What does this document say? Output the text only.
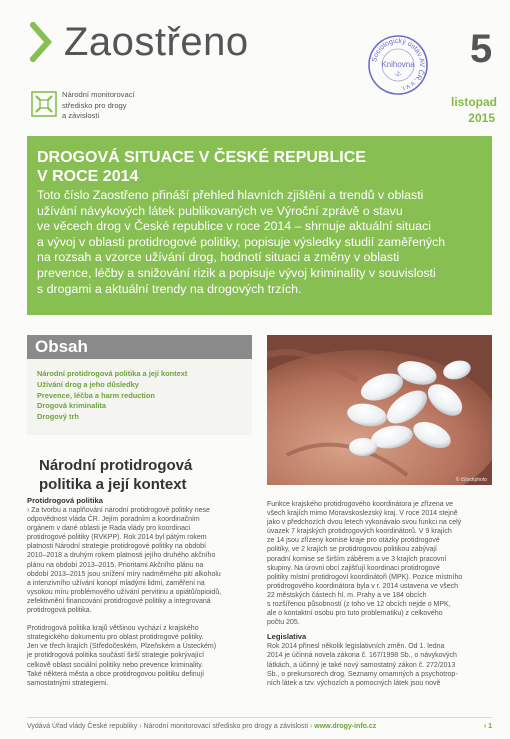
Zaostřeno
Národní monitorovací
středisko pro drogy
a závislosti
Sociologický ústav AV ČR, v.v.i.
Knihovna
-2-
5
listopad
2015
DROGOVÁ SITUACE V ČESKÉ REPUBLICE
V ROCE 2014
Toto číslo Zaostřeno přináší přehled hlavních zjištění a trendů v oblasti
užívání návykových látek publikovaných ve Výroční zprávě o stavu
ve věcech drog v České republice v roce 2014 – shrnuje aktuální situaci
a vývoj v oblasti protidrogové politiky, popisuje výsledky studií zaměřených
na rozsah a vzorce užívání drog, hodnotí situaci a změny v oblasti
prevence, léčby a snižování rizik a popisuje vývoj kriminality v souvislosti
s drogami a aktuální trendy na drogových trzích.
Obsah
Národní protidrogová politika a její kontext
Užívání drog a jeho důsledky
Prevence, léčba a harm reduction
Drogová kriminalita
Drogový trh
© iStockphoto
Národní protidrogová
politika a její kontext
Protidrogová politika
› Za tvorbu a naplňování národní protidrogové politiky nese
odpovědnost vláda ČR. Jejím poradním a koordinačním
orgánem v dané oblasti je Rada vlády pro koordinaci
protidrogové politiky (RVKPP). Rok 2014 byl pátým rokem
platnosti Národní strategie protidrogové politiky na období
2010–2018 a druhým rokem platnosti jejího druhého akčního
plánu na období 2013–2015. Prioritami Akčního plánu na
období 2013–2015 jsou snížení míry nadměrného pití alkoholu
a intenzivního užívání konopí mladými lidmi, zaměření na
vysokou míru problémového užívání pervitinu a opiátů/opioidů,
zefektivnění financování protidrogové politiky a integrovaná
protidrogová politika.
Protidrogová politika krajů většinou vychází z krajského
strategického dokumentu pro oblast protidrogové politiky.
Jen ve třech krajích (Středočeském, Plzeňském a Ústeckém)
je protidrogová politika součástí širší strategie pokrývající
celkově oblast sociální politiky nebo prevence kriminality.
Také některá města a obce protidrogovou politiku definují
samostatnými strategiemi.
Funkce krajského protidrogového koordinátora je zřízena ve
všech krajích mimo Moravskoslezský kraj. V roce 2014 stejně
jako v předchozích dvou letech vykonávalo svou funkci na celý
úvazek 7 krajských protidrogových koordinátorů. V 9 krajích
ze 14 jsou zřízeny komise kraje pro otázky protidrogové
politiky, ve 2 krajích se protidrogovou politikou zabývají
poradní komise se širším záběrem a ve 3 krajích pracovní
skupiny. Na úrovni obcí zajišťují koordinaci protidrogové
politiky místní protidrogoví koordinátoři (MPK). Pozice místního
protidrogového koordinátora byla v r. 2014 ustavena ve všech
22 městských částech hl. m. Prahy a ve 184 obcích
s rozšířenou působností (z toho ve 12 obcích nejde o MPK,
ale o kontaktní osobu pro tuto problematiku) z celkového
počtu 205.
Legislativa
Rok 2014 přinesl několik legislativních změn. Od 1. ledna
2014 je účinná novela zákona č. 167/1998 Sb., o návykových
látkách, a účinný je také nový samostatný zákon č. 272/2013
Sb., o prekursorech drog. Seznamy omamných a psychotrop-
ních látek a tzv. výchozích a pomocných látek jsou nově
Vydává Úřad vlády České republiky › Národní monitorovací středisko pro drogy a závislosti › www.drogy-info.cz	› 1
